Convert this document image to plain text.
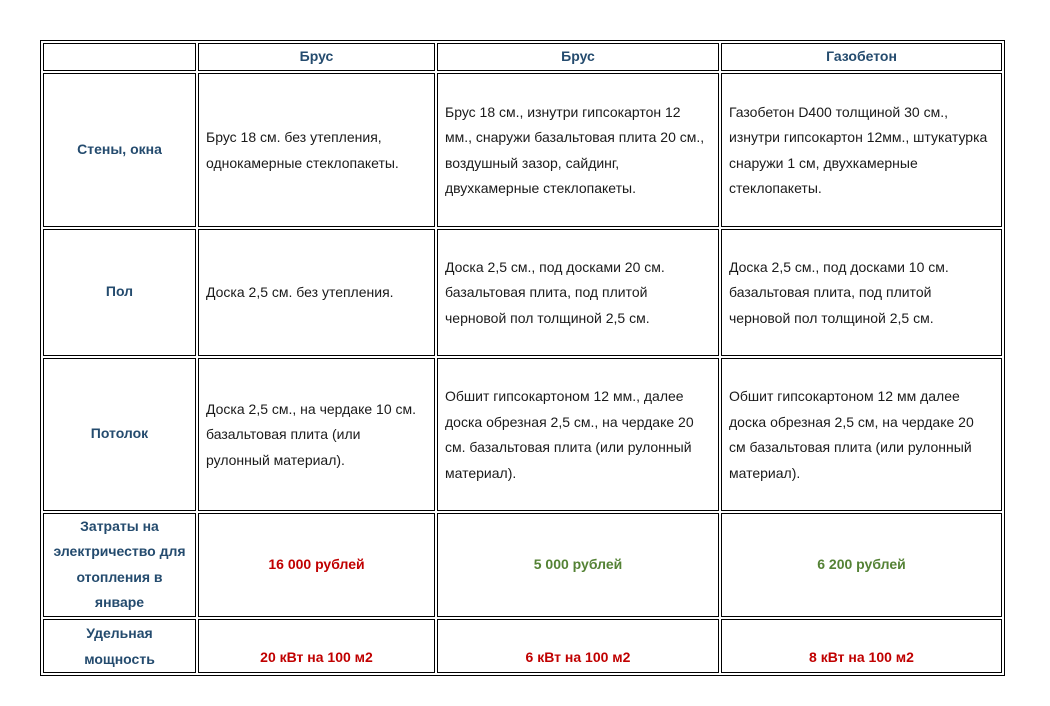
	Брус	Брус	Газобетон
Стены, окна	Брус 18 см. без утепления, однокамерные стеклопакеты.	Брус 18 см., изнутри гипсокартон 12 мм., снаружи базальтовая плита 20 см., воздушный зазор, сайдинг, двухкамерные стеклопакеты.	Газобетон D400 толщиной 30 см., изнутри гипсокартон 12мм., штукатурка снаружи 1 см, двухкамерные стеклопакеты.

Пол	Доска 2,5 см. без утепления.	Доска 2,5 см., под досками 20 см. базальтовая плита, под плитой черновой пол толщиной 2,5 см.	Доска 2,5 см., под досками 10 см. базальтовая плита, под плитой черновой пол толщиной 2,5 см.

Потолок	Доска 2,5 см., на чердаке 10 см. базальтовая плита (или рулонный материал).	Обшит гипсокартоном 12 мм., далее доска обрезная 2,5 см., на чердаке 20 см. базальтовая плита (или рулонный материал).	Обшит гипсокартоном 12 мм далее доска обрезная 2,5 см, на чердаке 20 см базальтовая плита (или рулонный материал).

Затраты на электричество для отопления в январе	16 000 рублей	5 000 рублей	6 200 рублей
Удельная мощность	20 кВт на 100 м2	6 кВт на 100 м2	8 кВт на 100 м2
